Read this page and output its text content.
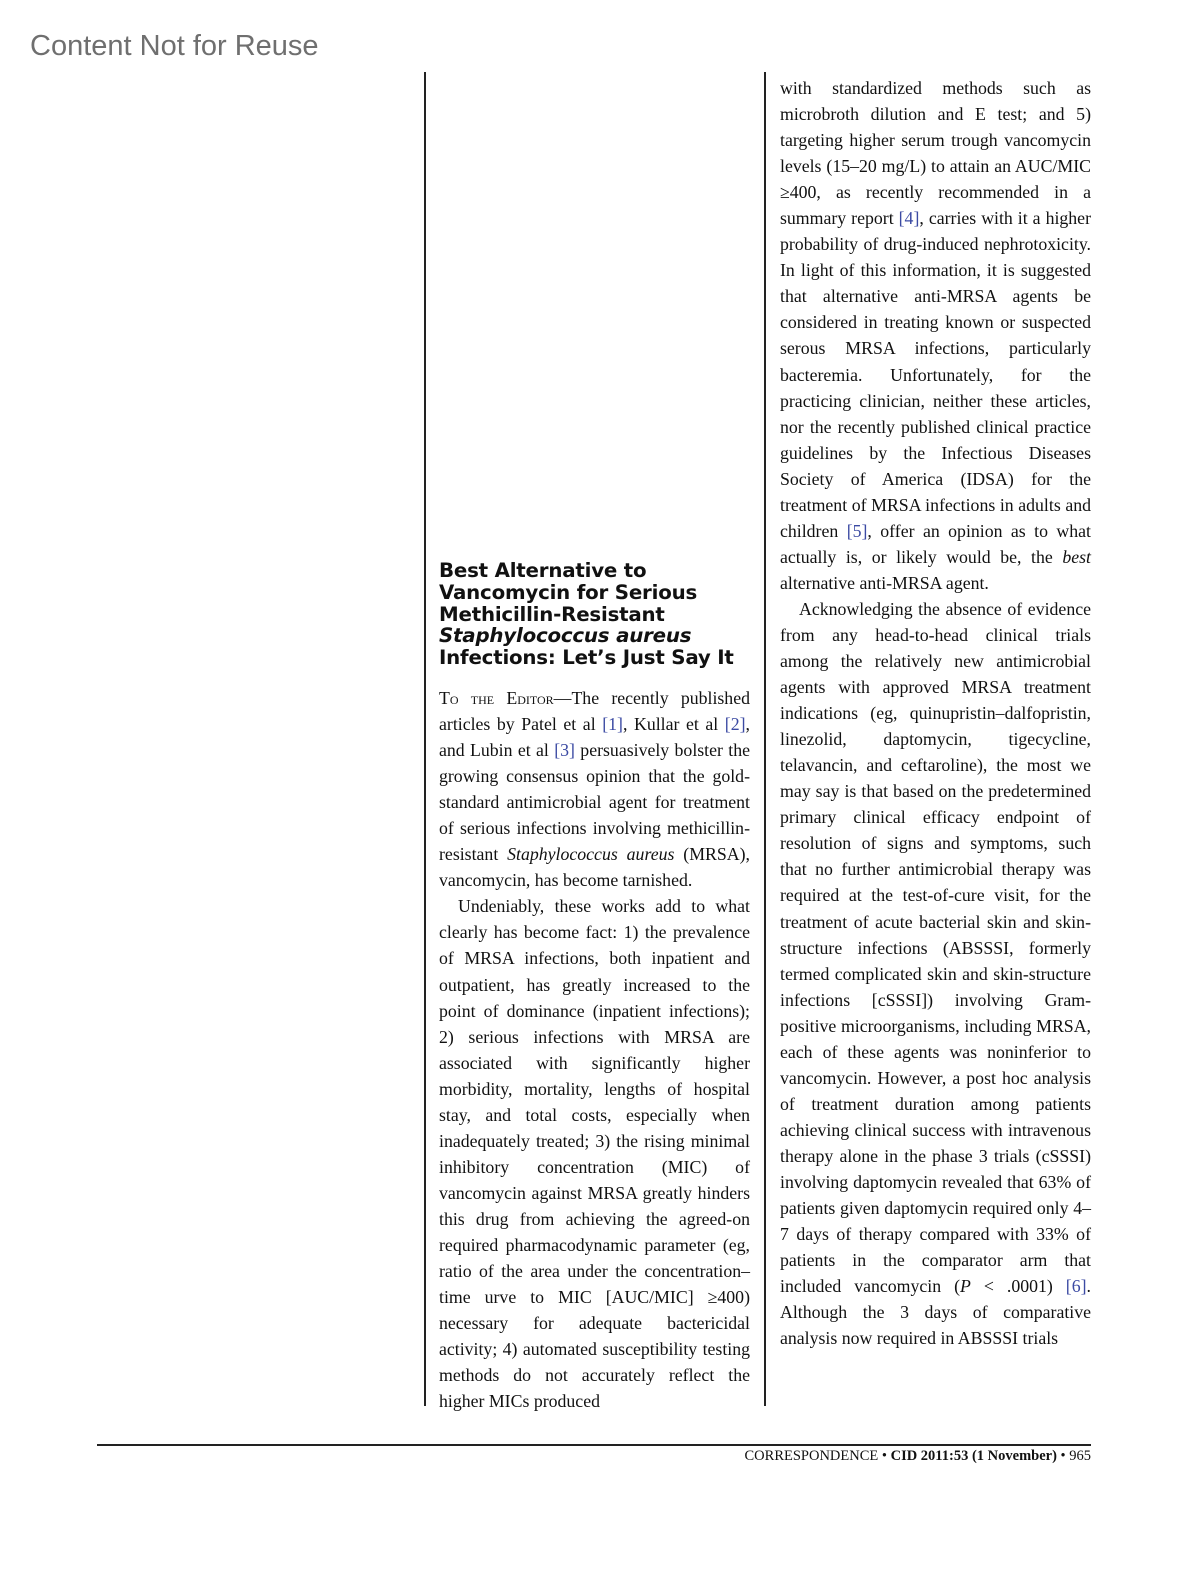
Content Not for Reuse
Best Alternative to
Vancomycin for Serious
Methicillin-Resistant
Staphylococcus aureus
Infections: Let’s Just Say It

To the Editor—The recently published articles by Patel et al [1], Kullar et al [2], and Lubin et al [3] persuasively bolster the growing consensus opinion that the gold-standard antimicrobial agent for treatment of serious infections involving methicillin-resistant Staphylococcus aureus (MRSA), vancomycin, has become tarnished.

Undeniably, these works add to what clearly has become fact: 1) the prevalence of MRSA infections, both inpatient and outpatient, has greatly increased to the point of dominance (inpatient infections); 2) serious infections with MRSA are associated with significantly higher morbidity, mortality, lengths of hospital stay, and total costs, especially when inadequately treated; 3) the rising minimal inhibitory concentration (MIC) of vancomycin against MRSA greatly hinders this drug from achieving the agreed-on required pharmacodynamic parameter (eg, ratio of the area under the concentration–time urve to MIC [AUC/MIC] ≥400) necessary for adequate bactericidal activity; 4) automated susceptibility testing methods do not accurately reflect the higher MICs produced

with standardized methods such as microbroth dilution and E test; and 5) targeting higher serum trough vancomycin levels (15–20 mg/L) to attain an AUC/MIC ≥400, as recently recommended in a summary report [4], carries with it a higher probability of drug-induced nephrotoxicity. In light of this information, it is suggested that alternative anti-MRSA agents be considered in treating known or suspected serous MRSA infections, particularly bacteremia. Unfortunately, for the practicing clinician, neither these articles, nor the recently published clinical practice guidelines by the Infectious Diseases Society of America (IDSA) for the treatment of MRSA infections in adults and children [5], offer an opinion as to what actually is, or likely would be, the best alternative anti-MRSA agent.

Acknowledging the absence of evidence from any head-to-head clinical trials among the relatively new antimicrobial agents with approved MRSA treatment indications (eg, quinupristin–dalfopristin, linezolid, daptomycin, tigecycline, telavancin, and ceftaroline), the most we may say is that based on the predetermined primary clinical efficacy endpoint of resolution of signs and symptoms, such that no further antimicrobial therapy was required at the test-of-cure visit, for the treatment of acute bacterial skin and skin-structure infections (ABSSSI, formerly termed complicated skin and skin-structure infections [cSSSI]) involving Gram-positive microorganisms, including MRSA, each of these agents was noninferior to vancomycin. However, a post hoc analysis of treatment duration among patients achieving clinical success with intravenous therapy alone in the phase 3 trials (cSSSI) involving daptomycin revealed that 63% of patients given daptomycin required only 4–7 days of therapy compared with 33% of patients in the comparator arm that included vancomycin (P < .0001) [6]. Although the 3 days of comparative analysis now required in ABSSSI trials

CORRESPONDENCE • CID 2011:53 (1 November) • 965
